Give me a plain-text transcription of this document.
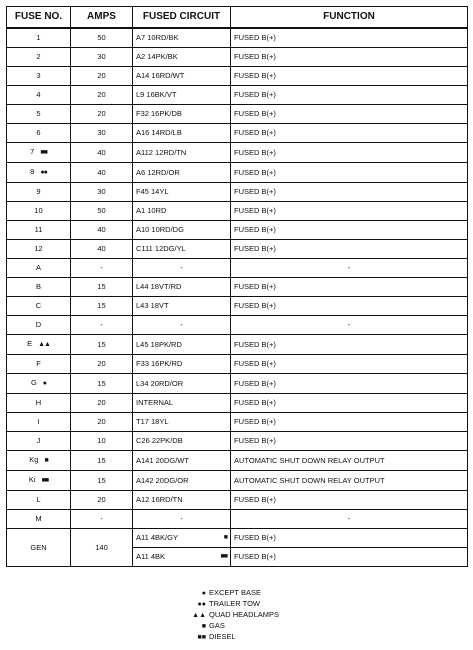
FUSE NO.	AMPS	FUSED CIRCUIT	FUNCTION
1	50	A7 10RD/BK	FUSED B(+)
2	30	A2 14PK/BK	FUSED B(+)
3	20	A14 16RD/WT	FUSED B(+)
4	20	L9 16BK/VT	FUSED B(+)
5	20	F32 16PK/DB	FUSED B(+)
6	30	A16 14RD/LB	FUSED B(+)
7 ■■	40	A112 12RD/TN	FUSED B(+)
8 ●●	40	A6 12RD/OR	FUSED B(+)
9	30	F45 14YL	FUSED B(+)
10	50	A1 10RD	FUSED B(+)
11	40	A10 10RD/DG	FUSED B(+)
12	40	C111 12DG/YL	FUSED B(+)
A	-	-	-
B	15	L44 18VT/RD	FUSED B(+)
C	15	L43 18VT	FUSED B(+)
D	-	-	-
E ▲▲	15	L45 18PK/RD	FUSED B(+)
F	20	F33 16PK/RD	FUSED B(+)
G ●	15	L34 20RD/OR	FUSED B(+)
H	20	INTERNAL	FUSED B(+)
I	20	T17 18YL	FUSED B(+)
J	10	C26 22PK/DB	FUSED B(+)
Kg ■	15	A141 20DG/WT	AUTOMATIC SHUT DOWN RELAY OUTPUT
Ki ■■	15	A142 20DG/OR	AUTOMATIC SHUT DOWN RELAY OUTPUT
L	20	A12 16RD/TN	FUSED B(+)
M	-	-	-
GEN	140	A11 4BK/GY ■	FUSED B(+)

		A11 4BK ■■	FUSED B(+)
● EXCEPT BASE
●● TRAILER TOW
▲▲ QUAD HEADLAMPS
■ GAS
■■ DIESEL
